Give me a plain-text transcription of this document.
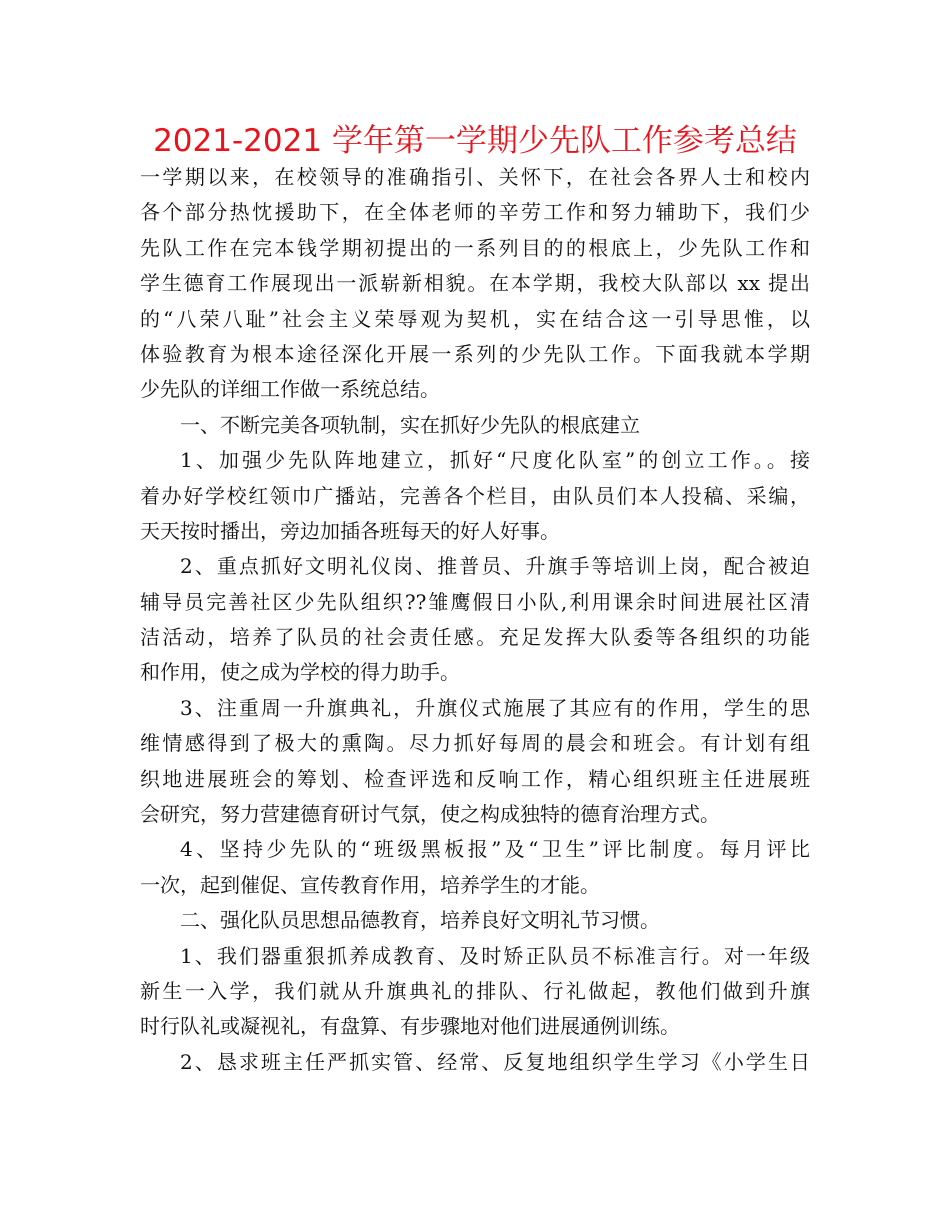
2021-2021 学年第一学期少先队工作参考总结
一学期以来，在校领导的准确指引、关怀下，在社会各界人士和校内
各个部分热忱援助下，在全体老师的辛劳工作和努力辅助下，我们少
先队工作在完本钱学期初提出的一系列目的的根底上，少先队工作和
学生德育工作展现出一派崭新相貌。在本学期，我校大队部以 xx 提出
的“八荣八耻”社会主义荣辱观为契机，实在结合这一引导思惟，以
体验教育为根本途径深化开展一系列的少先队工作。下面我就本学期
少先队的详细工作做一系统总结。
一、不断完美各项轨制，实在抓好少先队的根底建立
1、加强少先队阵地建立，抓好“尺度化队室”的创立工作。。接
着办好学校红领巾广播站，完善各个栏目，由队员们本人投稿、采编，
天天按时播出，旁边加插各班每天的好人好事。
2、重点抓好文明礼仪岗、推普员、升旗手等培训上岗，配合被迫
辅导员完善社区少先队组织??雏鹰假日小队,利用课余时间进展社区清
洁活动，培养了队员的社会责任感。充足发挥大队委等各组织的功能
和作用，使之成为学校的得力助手。
3、注重周一升旗典礼，升旗仪式施展了其应有的作用，学生的思
维情感得到了极大的熏陶。尽力抓好每周的晨会和班会。有计划有组
织地进展班会的筹划、检查评选和反响工作，精心组织班主任进展班
会研究，努力营建德育研讨气氛，使之构成独特的德育治理方式。
4、坚持少先队的“班级黑板报”及“卫生”评比制度。每月评比
一次，起到催促、宣传教育作用，培养学生的才能。
二、强化队员思想品德教育，培养良好文明礼节习惯。
1、我们器重狠抓养成教育、及时矫正队员不标准言行。对一年级
新生一入学，我们就从升旗典礼的排队、行礼做起，教他们做到升旗
时行队礼或凝视礼，有盘算、有步骤地对他们进展通例训练。
2、恳求班主任严抓实管、经常、反复地组织学生学习《小学生日
